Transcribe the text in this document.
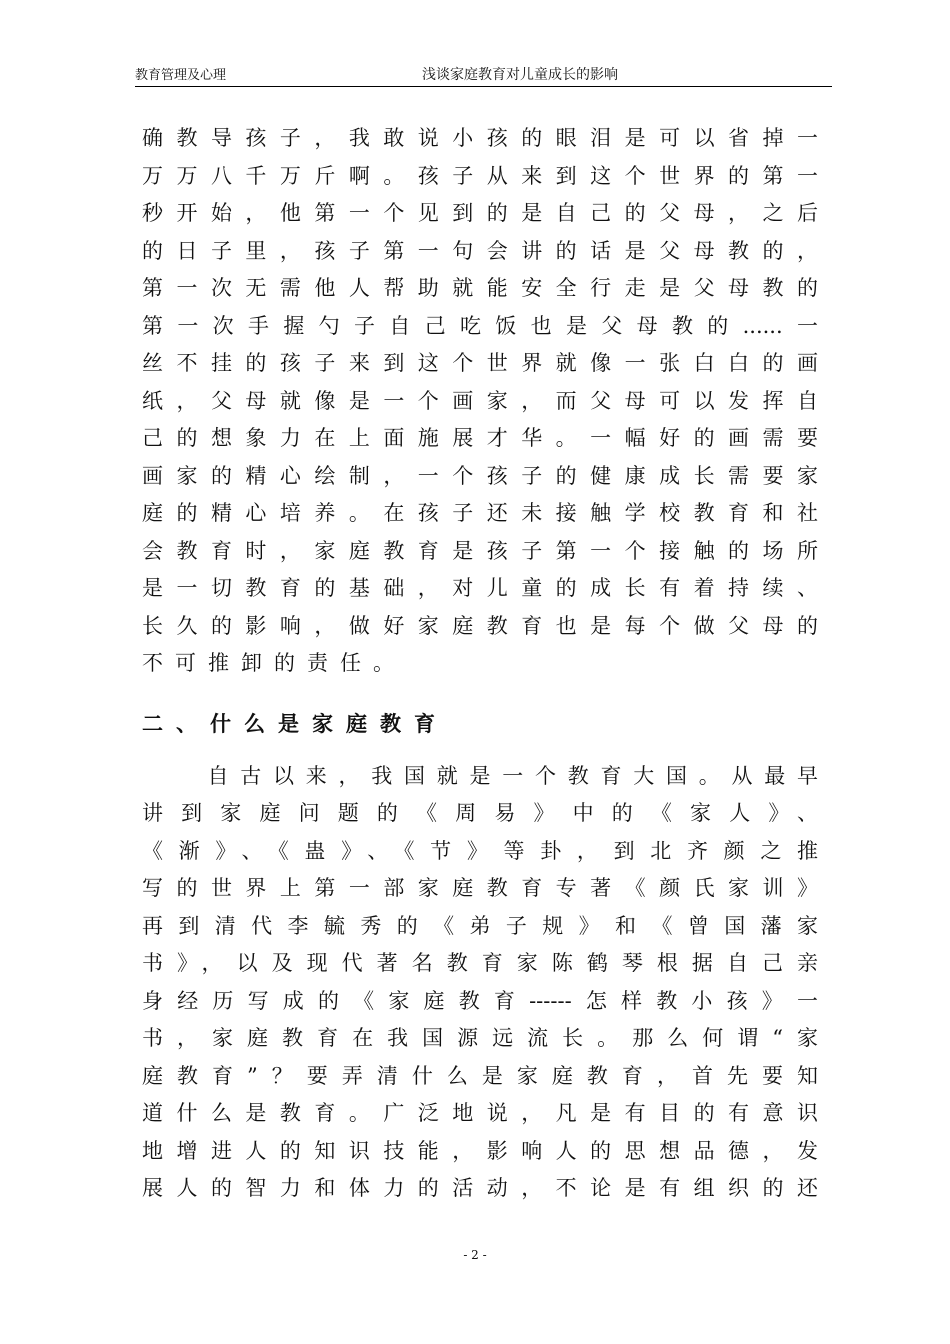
教育管理及心理	浅谈家庭教育对儿童成长的影响
确教导孩子，我敢说小孩的眼泪是可以省掉一
万万八千万斤啊。孩子从来到这个世界的第一
秒开始，他第一个见到的是自己的父母，之后
的日子里，孩子第一句会讲的话是父母教的，
第一次无需他人帮助就能安全行走是父母教的
第一次手握勺子自己吃饭也是父母教的......一
丝不挂的孩子来到这个世界就像一张白白的画
纸，父母就像是一个画家，而父母可以发挥自
己的想象力在上面施展才华。一幅好的画需要
画家的精心绘制，一个孩子的健康成长需要家
庭的精心培养。在孩子还未接触学校教育和社
会教育时，家庭教育是孩子第一个接触的场所
是一切教育的基础，对儿童的成长有着持续、
长久的影响，做好家庭教育也是每个做父母的
不可推卸的责任。
二、什么是家庭教育
　　自古以来，我国就是一个教育大国。从最早
讲到家庭问题的《周易》中的《家人》、
《渐》、《蛊》、《节》等卦，到北齐颜之推
写的世界上第一部家庭教育专著《颜氏家训》
再到清代李毓秀的《弟子规》和《曾国藩家
书》，以及现代著名教育家陈鹤琴根据自己亲
身经历写成的《家庭教育------怎样教小孩》一
书，家庭教育在我国源远流长。那么何谓“家
庭教育”？要弄清什么是家庭教育，首先要知
道什么是教育。广泛地说，凡是有目的有意识
地增进人的知识技能，影响人的思想品德，发
展人的智力和体力的活动，不论是有组织的还
- 2 -
